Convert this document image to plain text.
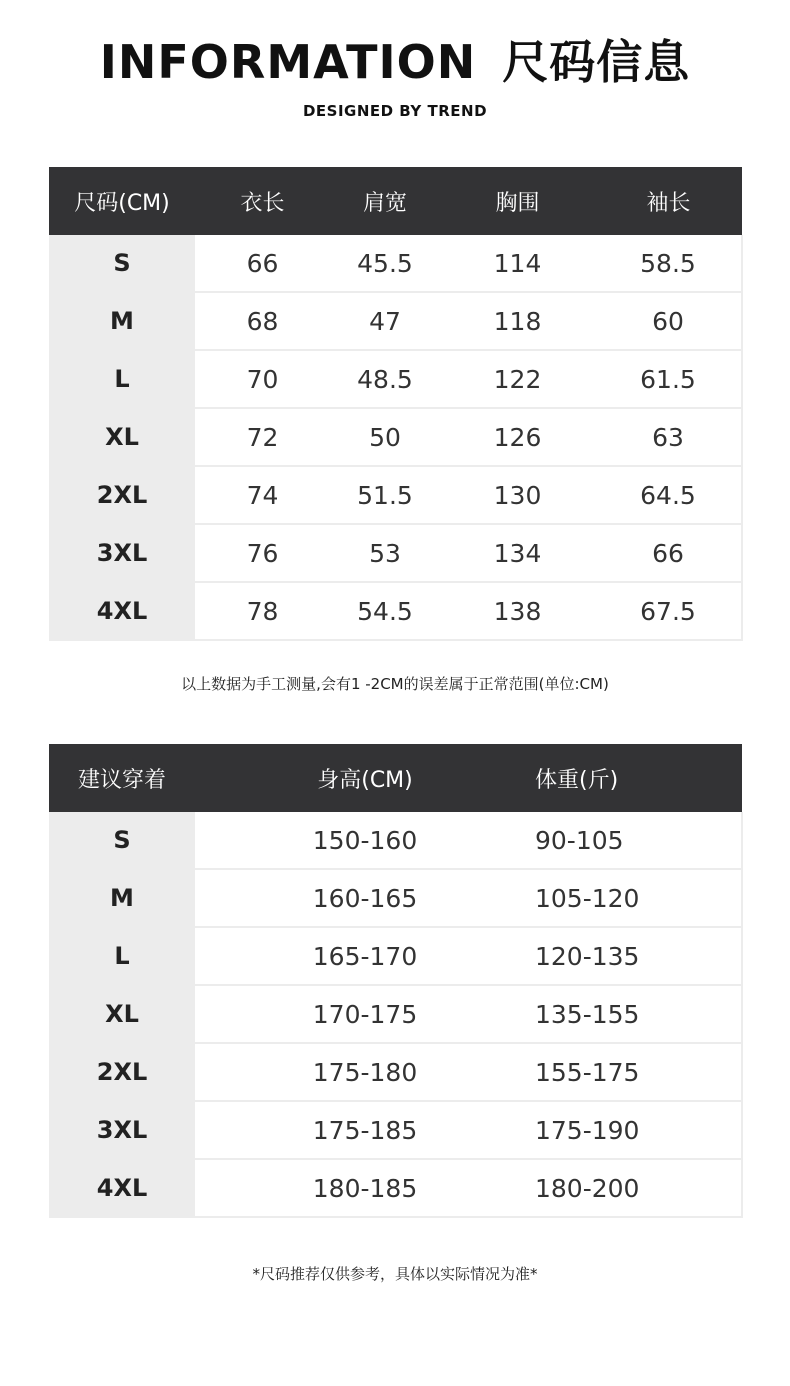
INFORMATION 尺码信息
DESIGNED BY TREND
尺码(CM)	衣长	肩宽	胸围	袖长
S	66	45.5	114	58.5
M	68	47	118	60
L	70	48.5	122	61.5
XL	72	50	126	63
2XL	74	51.5	130	64.5
3XL	76	53	134	66
4XL	78	54.5	138	67.5
以上数据为手工测量,会有1 -2CM的误差属于正常范围(单位:CM)
建议穿着	身高(CM)	体重(斤)
S	150-160	90-105
M	160-165	105-120
L	165-170	120-135
XL	170-175	135-155
2XL	175-180	155-175
3XL	175-185	175-190
4XL	180-185	180-200
*尺码推荐仅供参考，具体以实际情况为准*
